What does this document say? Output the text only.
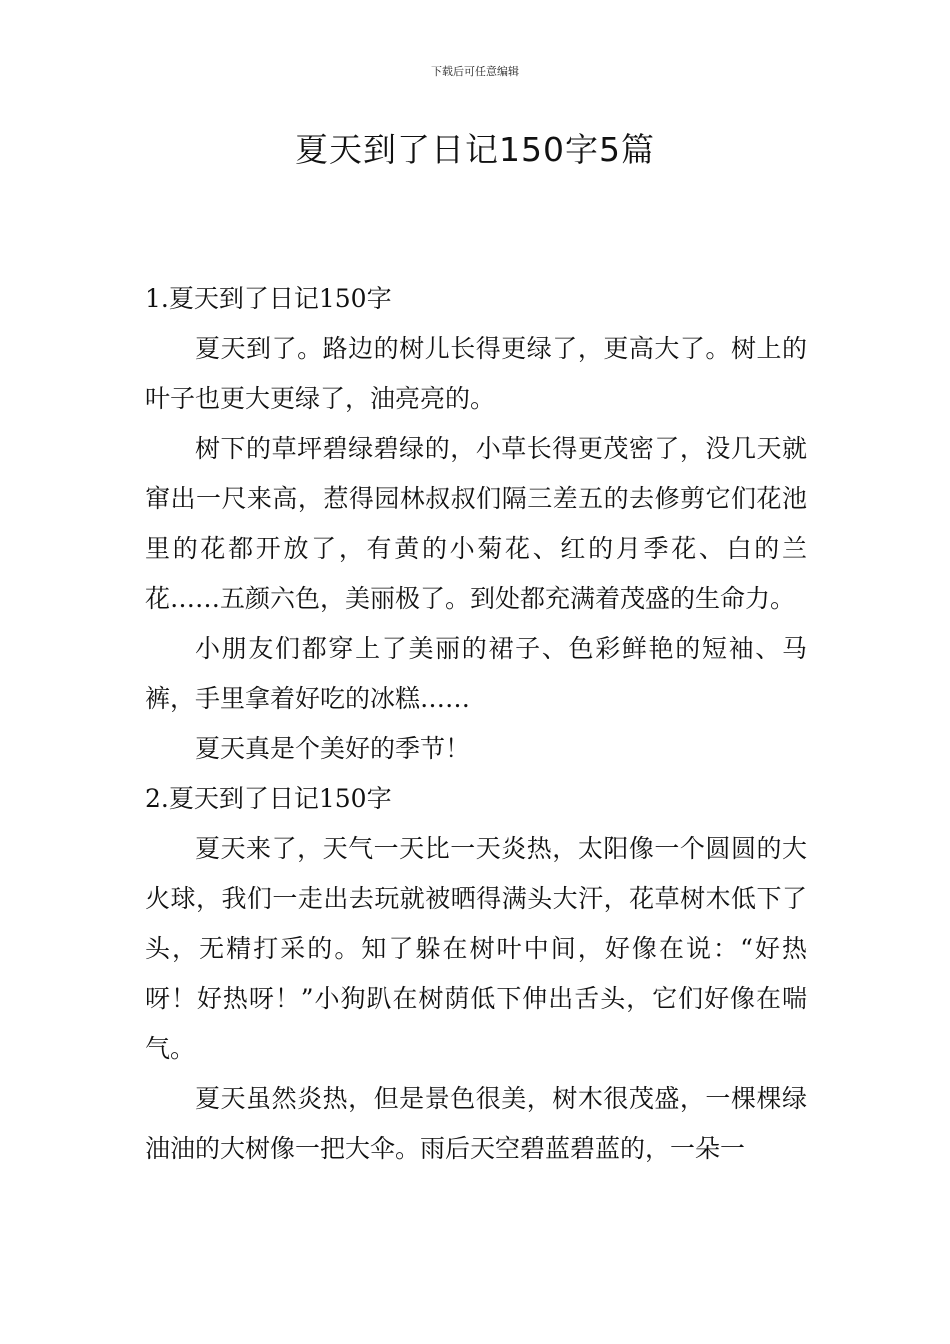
下载后可任意编辑
夏天到了日记150字5篇

1.夏天到了日记150字

夏天到了。路边的树儿长得更绿了，更高大了。树上的叶子也更大更绿了，油亮亮的。

树下的草坪碧绿碧绿的，小草长得更茂密了，没几天就窜出一尺来高，惹得园林叔叔们隔三差五的去修剪它们花池里的花都开放了，有黄的小菊花、红的月季花、白的兰花……五颜六色，美丽极了。到处都充满着茂盛的生命力。

小朋友们都穿上了美丽的裙子、色彩鲜艳的短袖、马裤，手里拿着好吃的冰糕……

夏天真是个美好的季节！

2.夏天到了日记150字

夏天来了，天气一天比一天炎热，太阳像一个圆圆的大火球，我们一走出去玩就被晒得满头大汗，花草树木低下了头，无精打采的。知了躲在树叶中间，好像在说：“好热呀！好热呀！”小狗趴在树荫低下伸出舌头，它们好像在喘气。

夏天虽然炎热，但是景色很美，树木很茂盛，一棵棵绿油油的大树像一把大伞。雨后天空碧蓝碧蓝的，一朵一
